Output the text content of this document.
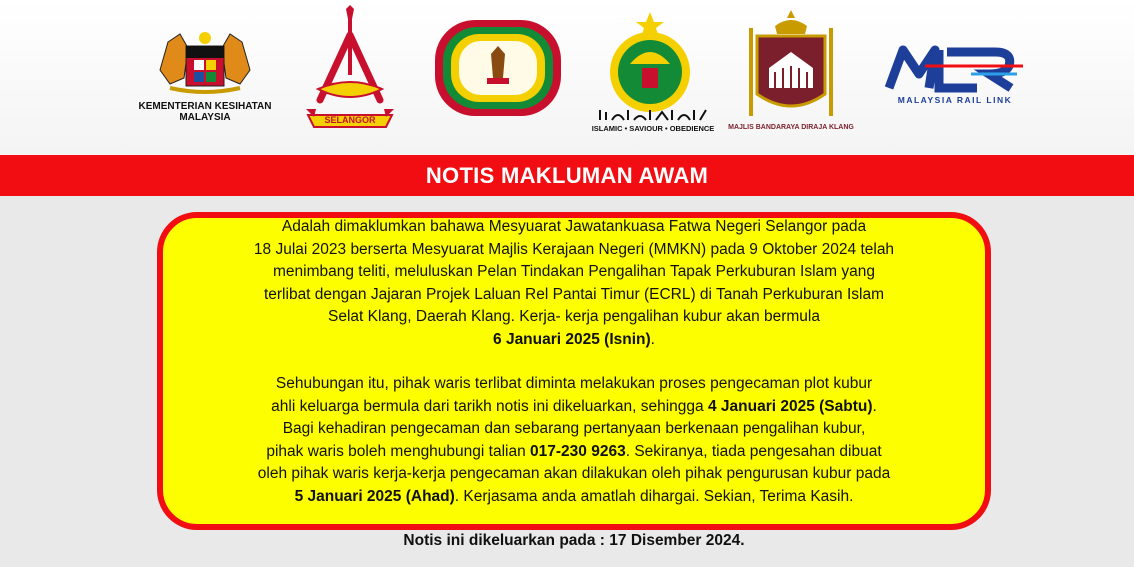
KEMENTERIAN KESIHATAN
MALAYSIA	SELANGOR
ISLAMIC • SAVIOUR • OBEDIENCE	MAJLIS BANDARAYA DIRAJA KLANG
MALAYSIA RAIL LINK
NOTIS MAKLUMAN AWAM

Adalah dimaklumkan bahawa Mesyuarat Jawatankuasa Fatwa Negeri Selangor pada

18 Julai 2023 berserta Mesyuarat Majlis Kerajaan Negeri (MMKN) pada 9 Oktober 2024 telah

menimbang teliti, meluluskan Pelan Tindakan Pengalihan Tapak Perkuburan Islam yang

terlibat dengan Jajaran Projek Laluan Rel Pantai Timur (ECRL) di Tanah Perkuburan Islam

Selat Klang, Daerah Klang. Kerja- kerja pengalihan kubur akan bermula

6 Januari 2025 (Isnin).

Sehubungan itu, pihak waris terlibat diminta melakukan proses pengecaman plot kubur

ahli keluarga bermula dari tarikh notis ini dikeluarkan, sehingga 4 Januari 2025 (Sabtu).

Bagi kehadiran pengecaman dan sebarang pertanyaan berkenaan pengalihan kubur,

pihak waris boleh menghubungi talian 017-230 9263. Sekiranya, tiada pengesahan dibuat

oleh pihak waris kerja-kerja pengecaman akan dilakukan oleh pihak pengurusan kubur pada

5 Januari 2025 (Ahad). Kerjasama anda amatlah dihargai. Sekian, Terima Kasih.

Notis ini dikeluarkan pada : 17 Disember 2024.
